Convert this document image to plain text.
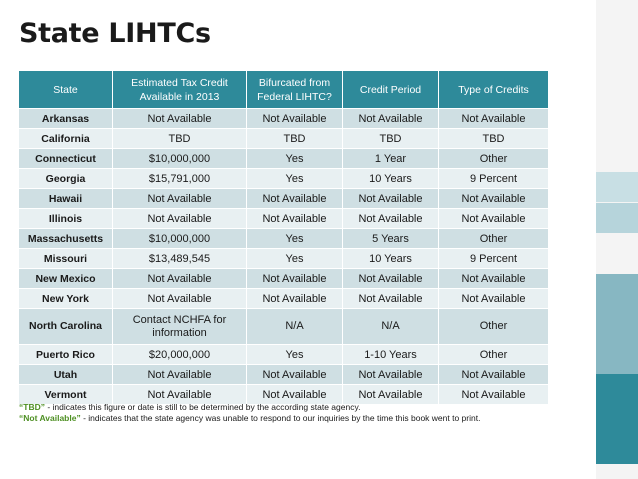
State LIHTCs
State	Estimated Tax Credit Available in 2013	Bifurcated from Federal LIHTC?	Credit Period	Type of Credits
Arkansas	Not Available	Not Available	Not Available	Not Available
California	TBD	TBD	TBD	TBD
Connecticut	$10,000,000	Yes	1 Year	Other
Georgia	$15,791,000	Yes	10 Years	9 Percent
Hawaii	Not Available	Not Available	Not Available	Not Available
Illinois	Not Available	Not Available	Not Available	Not Available
Massachusetts	$10,000,000	Yes	5 Years	Other
Missouri	$13,489,545	Yes	10 Years	9 Percent
New Mexico	Not Available	Not Available	Not Available	Not Available
New York	Not Available	Not Available	Not Available	Not Available
North Carolina	Contact NCHFA for information	N/A	N/A	Other
Puerto Rico	$20,000,000	Yes	1-10 Years	Other
Utah	Not Available	Not Available	Not Available	Not Available
Vermont	Not Available	Not Available	Not Available	Not Available
“TBD” - indicates this figure or date is still to be determined by the according state agency.
“Not Available” - indicates that the state agency was unable to respond to our inquiries by the time this book went to print.
